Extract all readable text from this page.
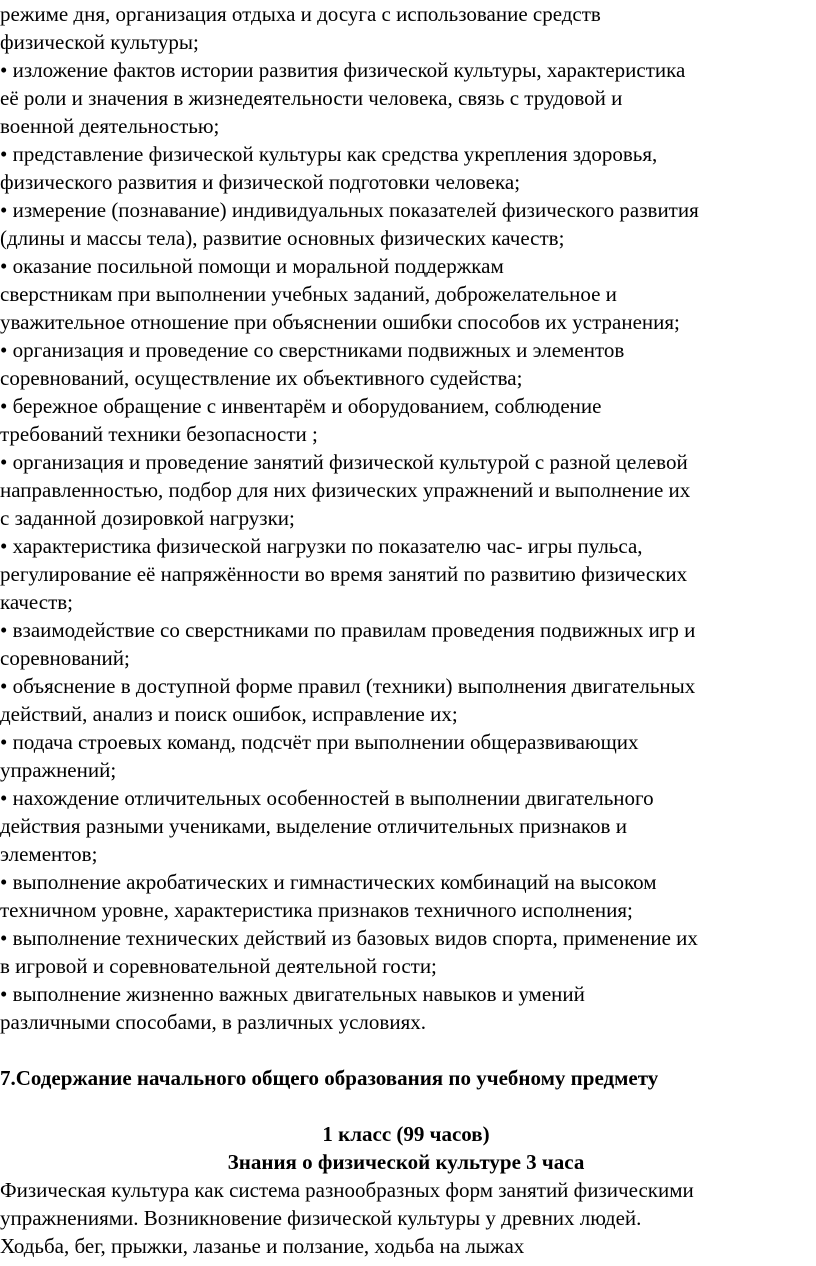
режиме дня, организация отдыха и досуга с использование средств
физической культуры;
• изложение фактов истории развития физической культуры, характеристика
её роли и значения в жизнедеятельности человека, связь с трудовой и
военной деятельностью;
• представление физической культуры как средства укрепления здоровья,
физического развития и физической подготовки человека;
• измерение (познавание) индивидуальных показателей физического развития
(длины и массы тела), развитие основных физических качеств;
• оказание посильной помощи и моральной поддержкам
сверстникам при выполнении учебных заданий, доброжелательное и
уважительное отношение при объяснении ошибки способов их устранения;
• организация и проведение со сверстниками подвижных и элементов
соревнований, осуществление их объективного судейства;
• бережное обращение с инвентарём и оборудованием, соблюдение
требований техники безопасности ;
• организация и проведение занятий физической культурой с разной целевой
направленностью, подбор для них физических упражнений и выполнение их
с заданной дозировкой нагрузки;
• характеристика физической нагрузки по показателю час- игры пульса,
регулирование её напряжённости во время занятий по развитию физических
качеств;
• взаимодействие со сверстниками по правилам проведения подвижных игр и
соревнований;
• объяснение в доступной форме правил (техники) выполнения двигательных
действий, анализ и поиск ошибок, исправление их;
• подача строевых команд, подсчёт при выполнении общеразвивающих
упражнений;
• нахождение отличительных особенностей в выполнении двигательного
действия разными учениками, выделение отличительных признаков и
элементов;
• выполнение акробатических и гимнастических комбинаций на высоком
техничном уровне, характеристика признаков техничного исполнения;
• выполнение технических действий из базовых видов спорта, применение их
в игровой и соревновательной деятельной гости;
• выполнение жизненно важных двигательных навыков и умений
различными способами, в различных условиях.
7.Содержание начального общего образования по учебному предмету
1 класс (99 часов)
Знания о физической культуре 3 часа
Физическая культура как система разнообразных форм занятий физическими
упражнениями. Возникновение физической культуры у древних людей.
Ходьба, бег, прыжки, лазанье и ползание, ходьба на лыжах
